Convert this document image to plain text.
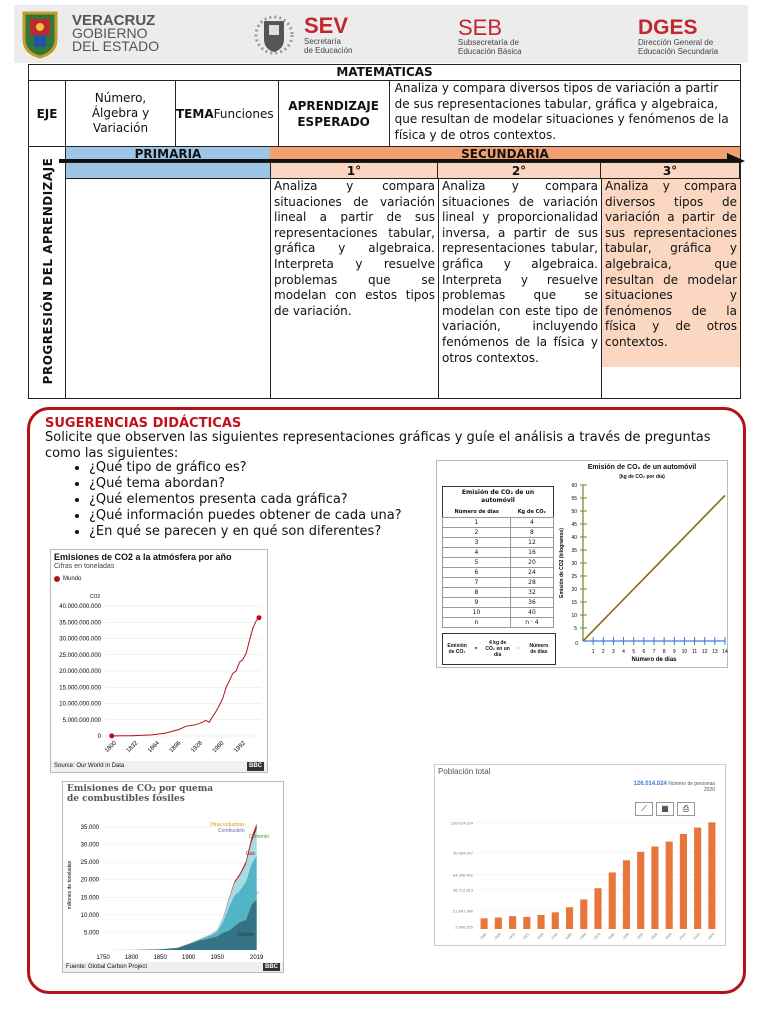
VERACRUZ
GOBIERNO
DEL ESTADO
SEV
Secretaría
de Educación
SEB
Subsecretaría de
Educación Básica
DGES
Dirección General de
Educación Secundaria
MATEMÁTICAS
EJE	Número, Álgebra y Variación	TEMA	Funciones	APRENDIZAJE ESPERADO	Analiza y compara diversos tipos de variación a partir de sus representaciones tabular, gráfica y algebraica, que resultan de modelar situaciones y fenómenos de la física y de otros contextos.
PROGRESIÓN DEL APRENDIZAJE
PRIMARIA	SECUNDARIA
1°	2°	3°
Analiza y compara situaciones de variación lineal a partir de sus representaciones tabular, gráfica y algebraica. Interpreta y resuelve problemas que se modelan con estos tipos de variación.
Analiza y compara situaciones de variación lineal y proporcionalidad inversa, a partir de sus representaciones tabular, gráfica y algebraica. Interpreta y resuelve problemas que se modelan con este tipo de variación, incluyendo fenómenos de la física y otros contextos.
Analiza y compara diversos tipos de variación a partir de sus representaciones tabular, gráfica y algebraica, que resultan de modelar situaciones y fenómenos de la física y de otros contextos.
SUGERENCIAS DIDÁCTICAS
Solicite que observen las siguientes representaciones gráficas y guíe el análisis a través de preguntas como las siguientes:
• ¿Qué tipo de gráfico es?
• ¿Qué tema abordan?
• ¿Qué elementos presenta cada gráfica?
• ¿Qué información puedes obtener de cada una?
• ¿En qué se parecen y en qué son diferentes?
Emisiones de CO2 a la atmósfera por año
Cifras en toneladas
Mundo
CO2
0
5.000.000.000
10.000.000.000
15.000.000.000
20.000.000.000
25.000.000.000
30.000.000.000
35.000.000.000
40.000.000.000
1800 1832 1864 1896 1928 1960 1992
Source: Our World in Data	BBC
Emisiones de CO₂ por quema de combustibles fósiles
5.000
10.000
15.000
20.000
25.000
30.000
35.000
millones de toneladas
1750	1800	1850	1900	1950	2019
Otras industrias
Combustión
Cemento
Gas
Petróleo
Carbón
Fuente: Global Carbon Project	BBC
Emisión de CO₂ de un automóvil	
Número de días	Kg de CO₂
1	4
2	8
3	12
4	16
5	20
6	24
7	28
8	32
9	36
10	40
n	n · 4
Emisión de CO₂	=
4 kg de CO₂ en un día
·	Número de días
Emisión de CO₂ de un automóvil
(kg de CO₂ por día)
5
10
15
20
25
30
35
40
45
50
55
60
1 2 3 4 5 6 7 8 9 10 11 12 13 14
0
Número de días
Emisión de CO2 (kilogramos)
Población total
126.014.024 Número de personas
2020
⟋	▦	⎙
2.900.925
21.841.346
46.712.813
64.396.462
90.464.077
126.014.024
1895 1900 1910 1921 1930 1940 1950 1960 1970 1980 1990 1995 2000 2005 2010 2015 2020
